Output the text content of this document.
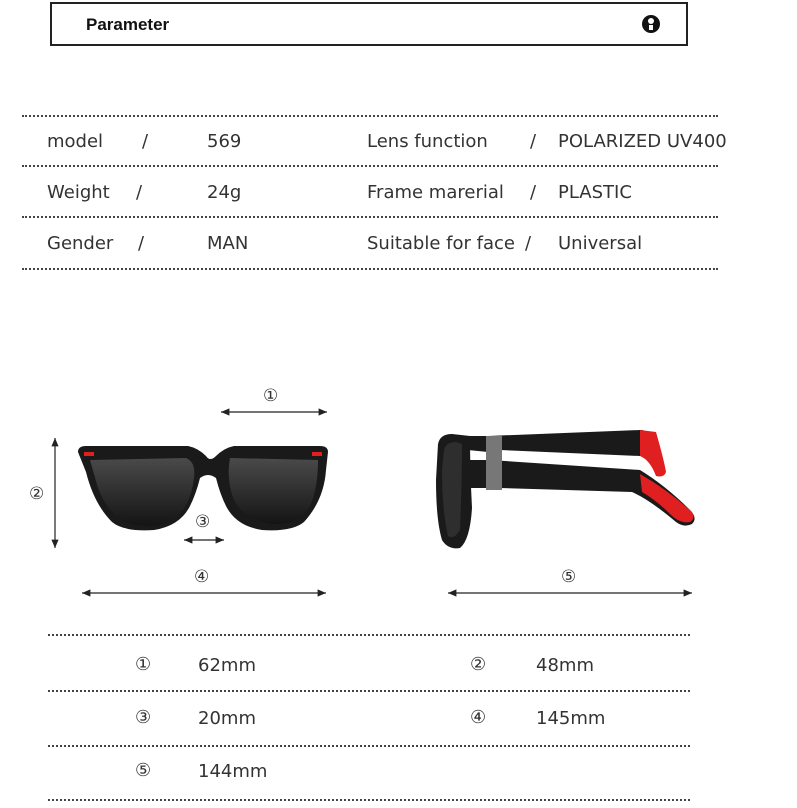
Parameter
model /	569	Lens function / POLARIZED UV400
Weight /	24g	Frame marerial / PLASTIC
Gender /	MAN	Suitable for face / Universal
①
②
③
④	⑤
①	62mm	②	48mm
③	20mm	④	145mm
⑤	144mm
